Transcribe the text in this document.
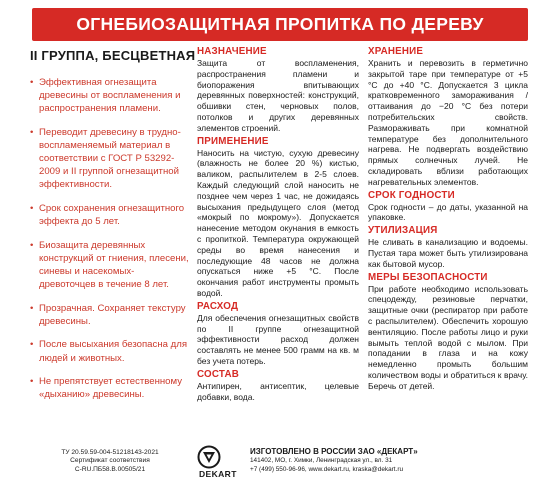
ОГНЕБИОЗАЩИТНАЯ ПРОПИТКА ПО ДЕРЕВУ
II ГРУППА, БЕСЦВЕТНАЯ
• Эффективная огнезащита древесины от воспламенения и распространения пламени.
• Переводит древесину в трудно-воспламеняемый материал в соответствии с ГОСТ Р 53292-2009 и II группой огнезащитной эффективности.
• Срок сохранения огнезащитного эффекта до 5 лет.
• Биозащита деревянных конструкций от гниения, плесени, синевы и насекомых-древоточцев в течение 8 лет.
• Прозрачная. Сохраняет текстуру древесины.
• После высыхания безопасна для людей и животных.
• Не препятствует естественному «дыханию» древесины.
ТУ 20.59.59-004-51218143-2021
Сертификат соответствия
С-RU.ПБ58.В.00505/21
НАЗНАЧЕНИЕ

Защита от воспламенения, распространения пламени и биопоражения впитывающих деревянных поверхностей: конструкций, обшивки стен, черновых полов, потолков и других деревянных элементов строений.

ПРИМЕНЕНИЕ

Наносить на чистую, сухую древесину (влажность не более 20 %) кистью, валиком, распылителем в 2-5 слоев. Каждый следующий слой наносить не позднее чем через 1 час, не дожидаясь высыхания предыдущего слоя (метод «мокрый по мокрому»). Допускается нанесение методом окунания в емкость с пропиткой. Температура окружающей среды во время нанесения и последующие 48 часов не должна опускаться ниже +5 °С. После окончания работ инструменты промыть водой.

РАСХОД

Для обеспечения огнезащитных свойств по II группе огнезащитной эффективности расход должен составлять не менее 500 грамм на кв. м без учета потерь.

СОСТАВ

Антипирен, антисептик, целевые добавки, вода.

ХРАНЕНИЕ

Хранить и перевозить в герметично закрытой таре при температуре от +5 °С до +40 °С. Допускается 3 цикла кратковременного замораживания / оттаивания до −20 °С без потери потребительских свойств. Размораживать при комнатной температуре без дополнительного нагрева. Не подвергать воздействию прямых солнечных лучей. Не складировать вблизи работающих нагревательных элементов.

СРОК ГОДНОСТИ

Срок годности – до даты, указанной на упаковке.

УТИЛИЗАЦИЯ

Не сливать в канализацию и водоемы. Пустая тара может быть утилизирована как бытовой мусор.

МЕРЫ БЕЗОПАСНОСТИ

При работе необходимо использовать спецодежду, резиновые перчатки, защитные очки (респиратор при работе с распылителем). Обеспечить хорошую вентиляцию. После работы лицо и руки вымыть теплой водой с мылом. При попадании в глаза и на кожу немедленно промыть большим количеством воды и обратиться к врачу. Беречь от детей.

DEKART
ИЗГОТОВЛЕНО В РОССИИ ЗАО «ДЕКАРТ»
141402, МО, г. Химки, Ленинградская ул., вл. 31
+7 (499) 550-96-96, www.dekart.ru, kraska@dekart.ru
